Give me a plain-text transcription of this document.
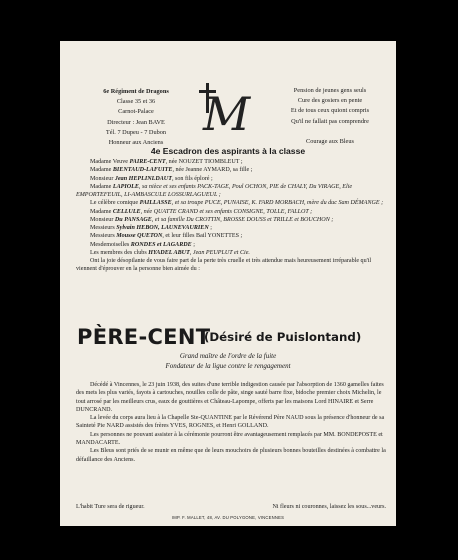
6e Régiment de Dragons
Classe 35 et 36
Carnot-Palace
Directeur : Jean BAVE
Tél. 7 Dupeu - 7 Dubon
Honneur aux Anciens
M	Pension de jeunes gens seuls
Cure des gosiers en pente
Et de tous ceux quiont compris
Qu'il ne fallait pas comprendre
Courage aux Bleus
4e Escadron des aspirants à la classe

Madame Veuve PAIRE-CENT, née NOUZET TIOMBLEUT ;

Madame BIENTAUD-LAFUITE, née Jeanne AYMARD, sa fille ;

Monsieur Jean HEPLINLDAUT, son fils éploré ;

Madame LAPIOLE, sa nièce et ses enfants PACK-TAGE, Poul OCHON, PIE de CHALY, Du VIRAGE, Elie EMPORTEFEUIL, LI-AMBASCULE LOSSURLAGUEUL ;

Le célèbre comique PAILLASSE, et sa troupe PUCE, PUNAISE, K. FARD MORBACH, mère du duc Sam DÉMANGE ;

Madame CELLULE, née QUATTE CRAND et ses enfants CONSIGNE, TOLLE, FALLOT ;

Monsieur Du PANSAGE, et sa famille Du CROTTIN, BROSSE DOUSS et TRILLE et BOUCHON ;

Messieurs Sylvain HEBON, LAUNEVAURIEN ;

Messieurs Mousse QUETON, et leur filles Bail YONETTES ;

Mesdemoiselles RONDES et LAGARDE ;

Les membres des clubs HYADEL ABUT, Jean PEUPLUT et Cie.

Ont la joie désopilante de vous faire part de la perte très cruelle et très attendue mais heureusement irréparable qu'il viennent d'éprouver en la personne bien aimée du :

PÈRE-CENT
(Désiré de Puislontand)
Grand maître de l'ordre de la fuite
Fondateur de la ligue contre le rengagement

Décédé à Vincennes, le 23 juin 1938, des suites d'une terrible indigestion causée par l'absorption de 1360 gamelles faites des mets les plus variés, fayots à cartouches, nouilles colle de pâte, singe sauté barre fixe, bidoche premier choix Michelin, le tout arrosé par les meilleurs crus, eaux de gouttières et Château-Lapompe, offerts par les maisons Lord HINAIRE et Serre DUNCRAND.

La levée du corps aura lieu à la Chapelle Ste-QUANTINE par le Révérend Père NAUD sous la présence d'honneur de sa Sainteté Pie NARD assistés des frères YVES, ROGNES, et Henri GOLLAND.

Les personnes ne pouvant assister à la cérémonie pourront être avantageusement remplacés par MM. BONDEPOSTE et MANDACARTE.

Les Bleus sont priés de se munir en même que de leurs mouchoirs de plusieurs bonnes bouteilles destinées à combattre la défaillance des Anciens.

L'habit Ture sera de rigueur.	Ni fleurs ni couronnes, laissez les sous...veurs.
IMP. F. MALLET, 48, AV. DU POLYGONE, VINCENNES
